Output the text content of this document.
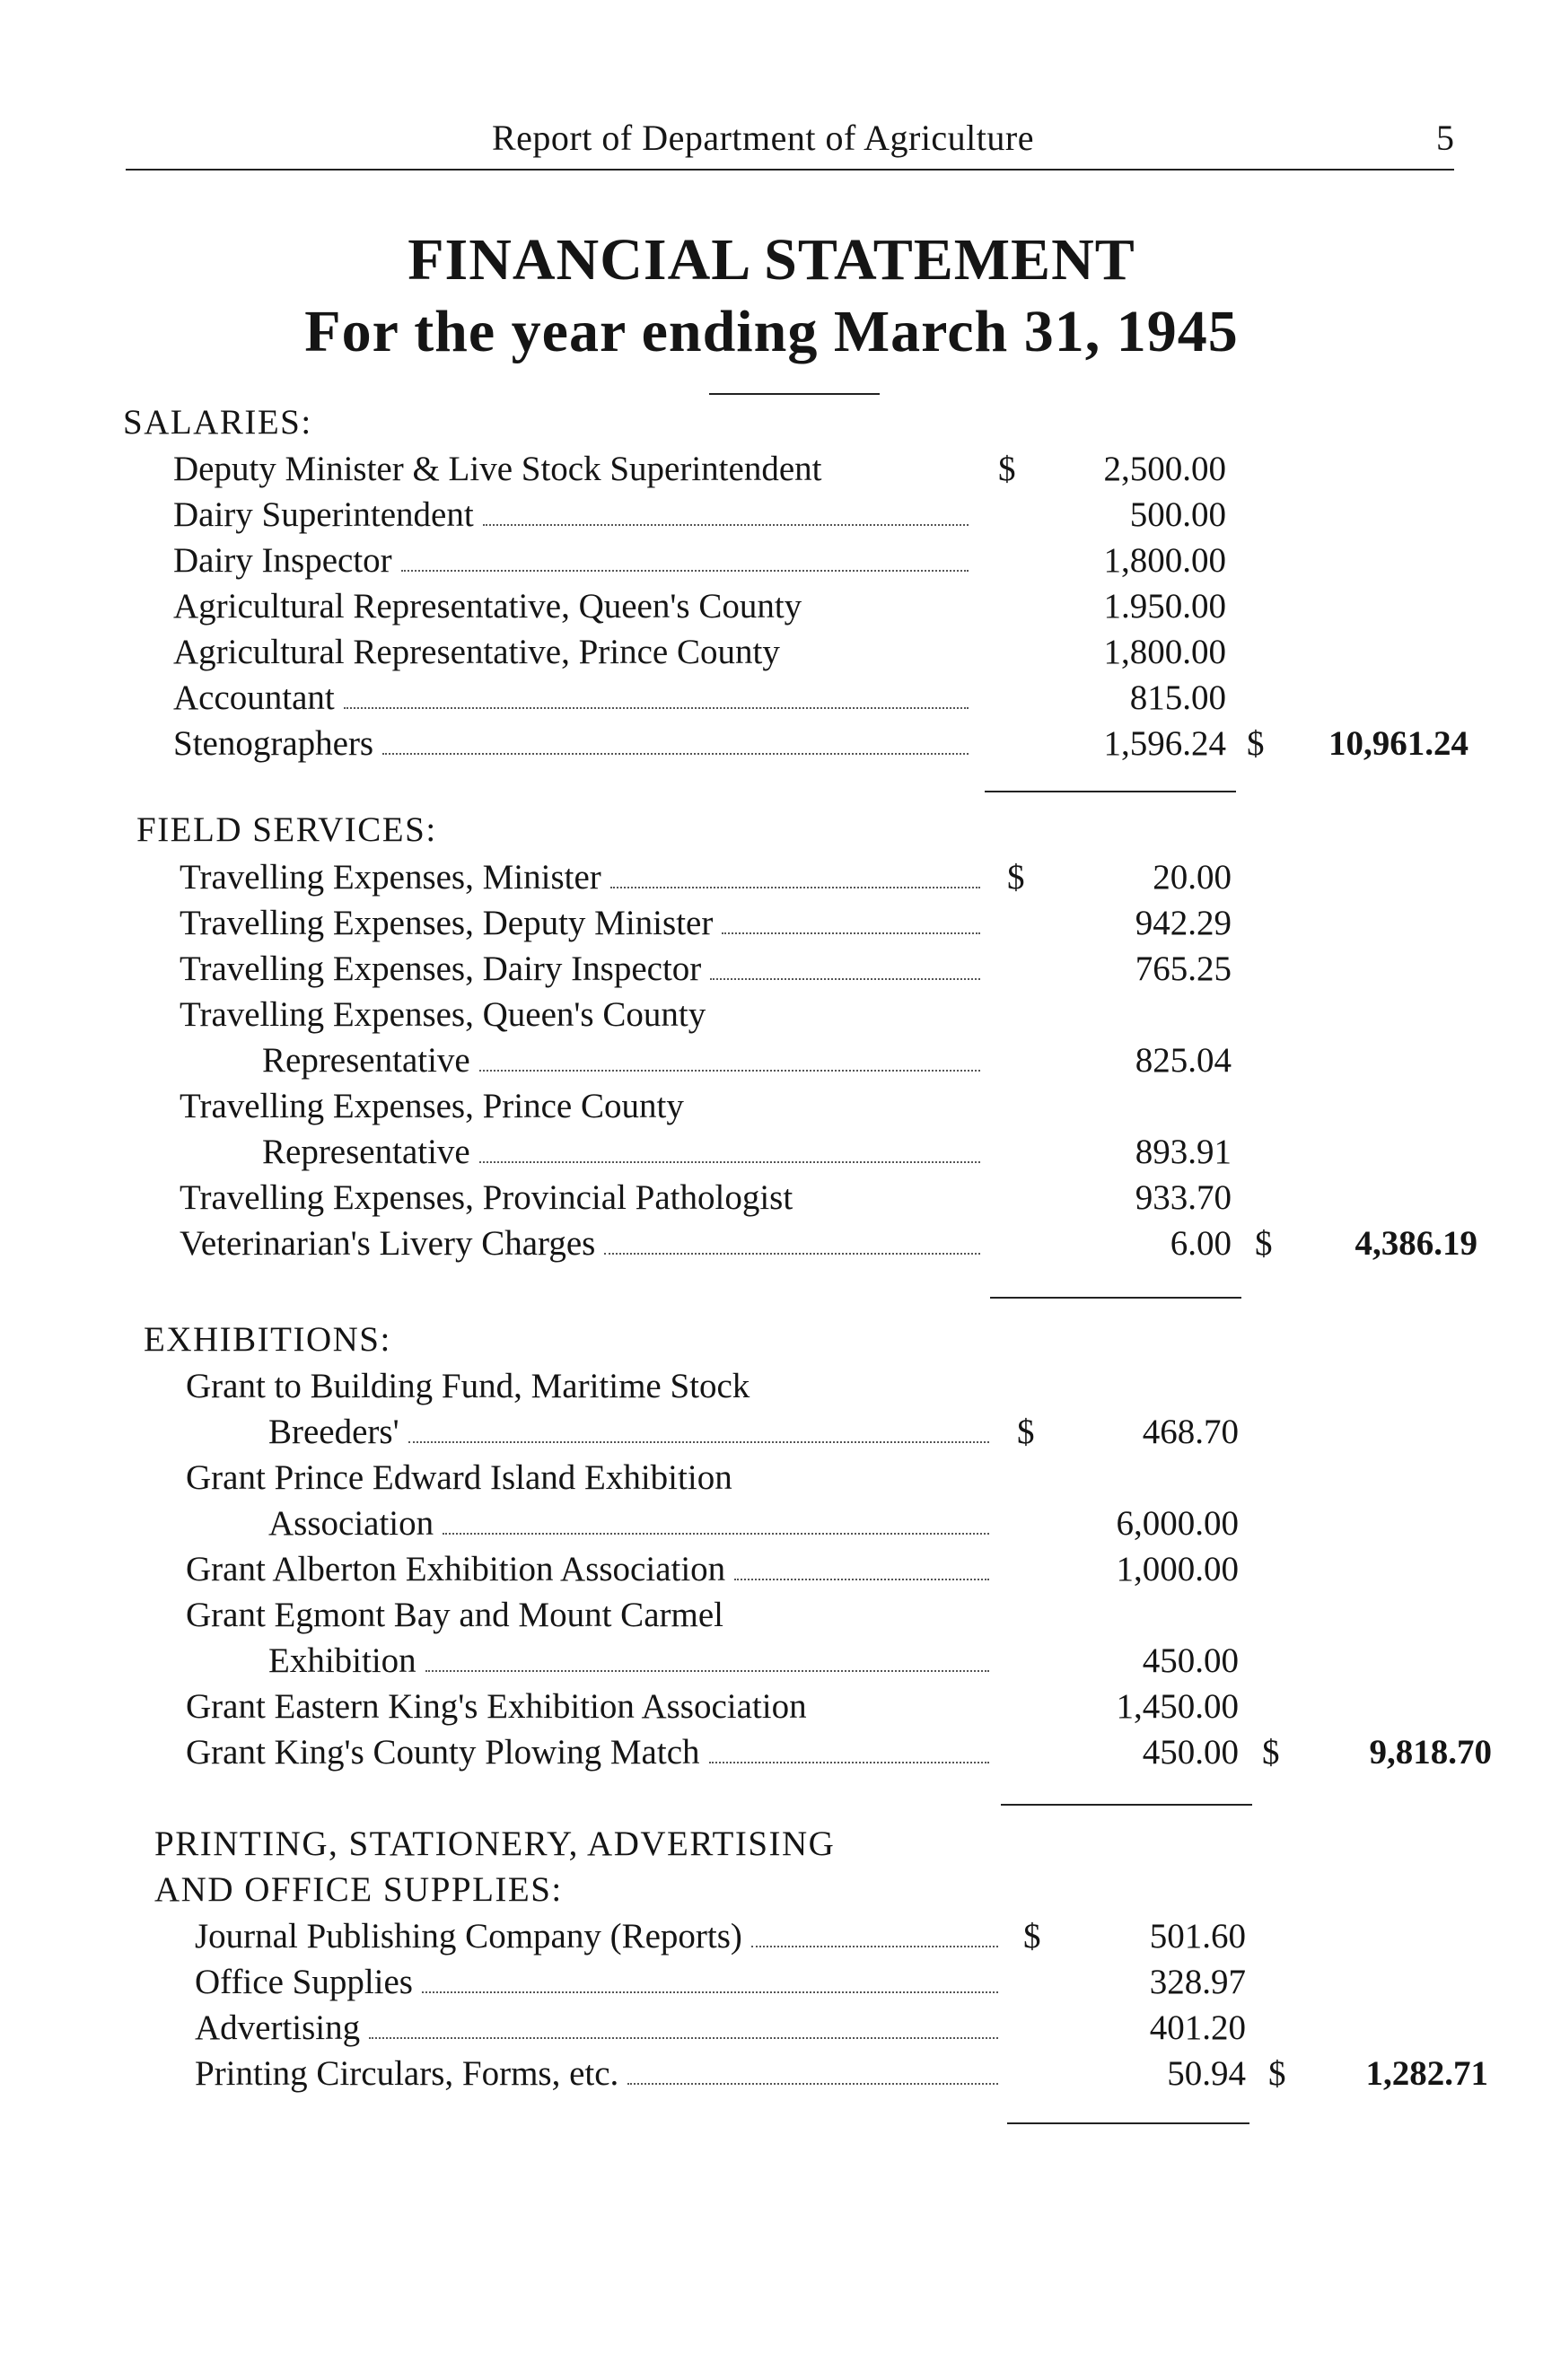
Report of Department of Agriculture	5
FINANCIAL STATEMENT
For the year ending March 31, 1945
SALARIES:
Deputy Minister & Live Stock Superintendent	$	2,500.00
Dairy Superintendent	500.00
Dairy Inspector	1,800.00
Agricultural Representative, Queen's County	1.950.00
Agricultural Representative, Prince County	1,800.00
Accountant	815.00
Stenographers	1,596.24 $ 10,961.24
FIELD SERVICES:
Travelling Expenses, Minister	$	20.00
Travelling Expenses, Deputy Minister	942.29
Travelling Expenses, Dairy Inspector	765.25
Travelling Expenses, Queen's County
Representative	825.04
Travelling Expenses, Prince County
Representative	893.91
Travelling Expenses, Provincial Pathologist	933.70
Veterinarian's Livery Charges	6.00 $ 4,386.19
EXHIBITIONS:
Grant to Building Fund, Maritime Stock
Breeders'	$	468.70
Grant Prince Edward Island Exhibition
Association	6,000.00
Grant Alberton Exhibition Association	1,000.00
Grant Egmont Bay and Mount Carmel
Exhibition	450.00
Grant Eastern King's Exhibition Association	1,450.00
Grant King's County Plowing Match	450.00 $	9,818.70
PRINTING, STATIONERY, ADVERTISING
AND OFFICE SUPPLIES:
Journal Publishing Company (Reports)	$	501.60
Office Supplies	328.97
Advertising	401.20
Printing Circulars, Forms, etc.	50.94 $ 1,282.71
